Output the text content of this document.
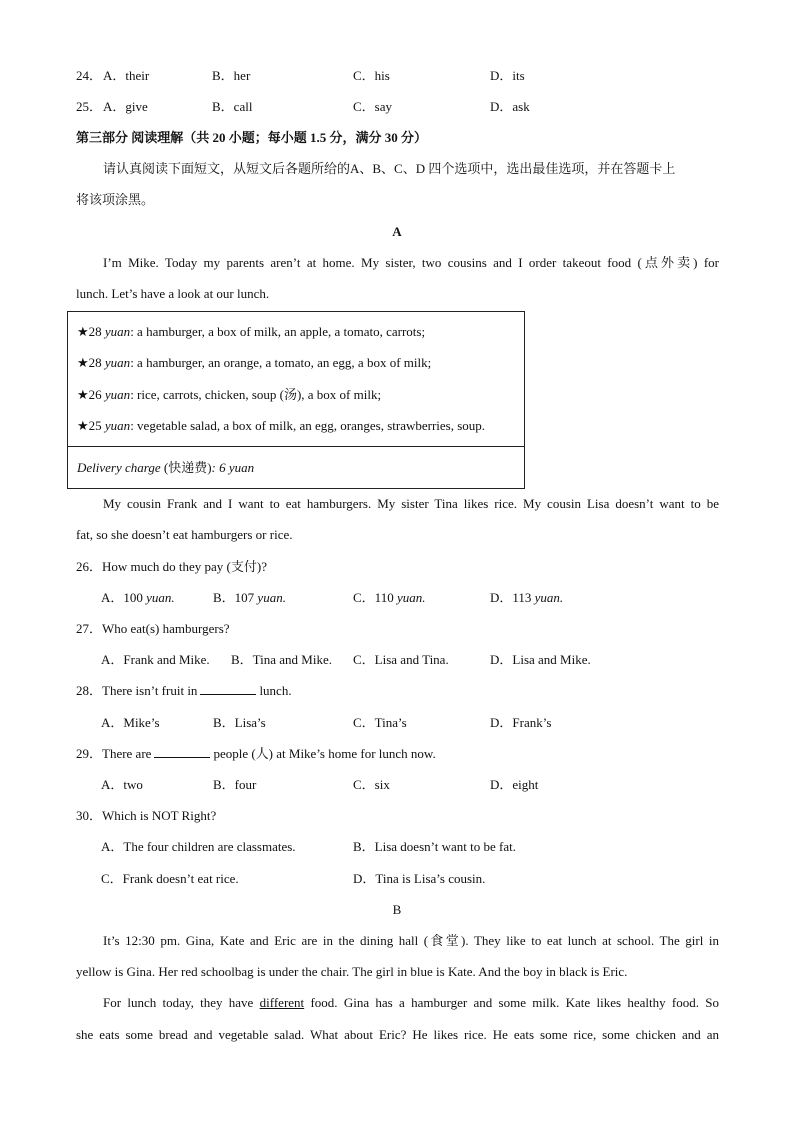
24． A．their	B．her	C．his	D．its
25． A．give	B．call	C．say	D．ask
第三部分 阅读理解（共 20 小题；每小题 1.5 分，满分 30 分）
请认真阅读下面短文，从短文后各题所给的A、B、C、D 四个选项中，选出最佳选项，并在答题卡上
将该项涂黑。
A
I’m Mike. Today my parents aren’t at home. My sister, two cousins and I order takeout food (点外卖) for
lunch. Let’s have a look at our lunch.
★28 yuan: a hamburger, a box of milk, an apple, a tomato, carrots;
★28 yuan: a hamburger, an orange, a tomato, an egg, a box of milk;
★26 yuan: rice, carrots, chicken, soup (汤), a box of milk;
★25 yuan: vegetable salad, a box of milk, an egg, oranges, strawberries, soup.
Delivery charge (快递费): 6 yuan
My cousin Frank and I want to eat hamburgers. My sister Tina likes rice. My cousin Lisa doesn’t want to be
fat, so she doesn’t eat hamburgers or rice.
26．How much do they pay (支付)?
A．100 yuan.	B．107 yuan.	C．110 yuan.	D．113 yuan.
27．Who eat(s) hamburgers?
A．Frank and Mike. B．Tina and Mike. C．Lisa and Tina.	D．Lisa and Mike.
28．There isn’t fruit in	lunch.
A．Mike’s	B．Lisa’s	C．Tina’s	D．Frank’s
29．There are	people (人) at Mike’s home for lunch now.
A．two	B．four	C．six	D．eight
30．Which is NOT Right?
A．The four children are classmates.	B．Lisa doesn’t want to be fat.
C．Frank doesn’t eat rice.	D．Tina is Lisa’s cousin.
B
It’s 12:30 pm. Gina, Kate and Eric are in the dining hall (食堂). They like to eat lunch at school. The girl in
yellow is Gina. Her red schoolbag is under the chair. The girl in blue is Kate. And the boy in black is Eric.
For lunch today, they have different food. Gina has a hamburger and some milk. Kate likes healthy food. So
she eats some bread and vegetable salad. What about Eric? He likes rice. He eats some rice, some chicken and an
